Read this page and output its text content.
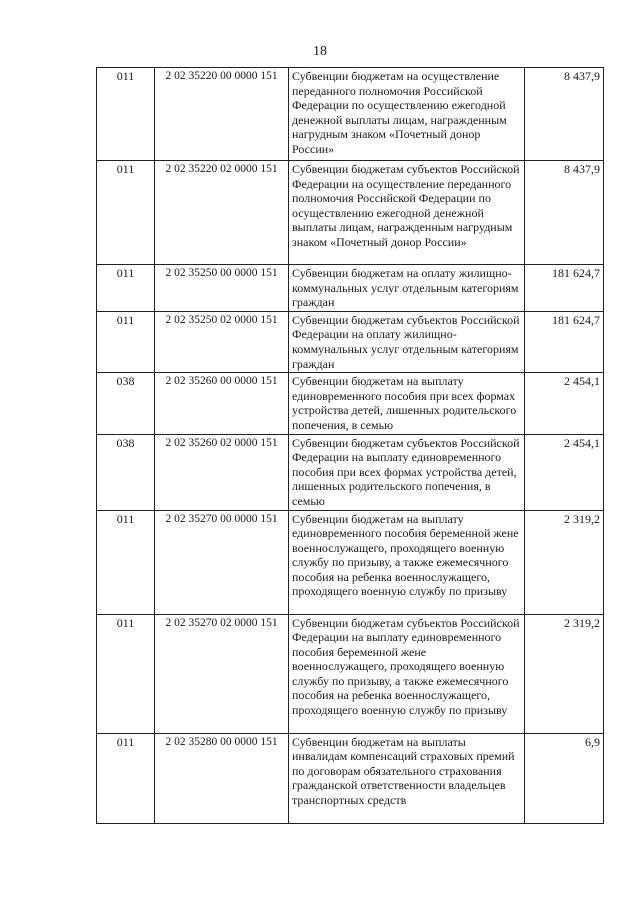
18
011	2 02 35220 00 0000 151	Субвенции бюджетам на осуществление переданного полномочия Российской Федерации по осуществлению ежегодной денежной выплаты лицам, награжденным нагрудным знаком «Почетный донор России»	8 437,9
011	2 02 35220 02 0000 151	Субвенции бюджетам субъектов Российской Федерации на осуществление переданного полномочия Российской Федерации по осуществлению ежегодной денежной выплаты лицам, награжденным нагрудным знаком «Почетный донор России»	8 437,9
011	2 02 35250 00 0000 151	Субвенции бюджетам на оплату жилищно-коммунальных услуг отдельным категориям граждан	181 624,7
011	2 02 35250 02 0000 151	Субвенции бюджетам субъектов Российской Федерации на оплату жилищно-коммунальных услуг отдельным категориям граждан	181 624,7
038	2 02 35260 00 0000 151	Субвенции бюджетам на выплату единовременного пособия при всех формах устройства детей, лишенных родительского попечения, в семью	2 454,1
038	2 02 35260 02 0000 151	Субвенции бюджетам субъектов Российской Федерации на выплату единовременного пособия при всех формах устройства детей, лишенных родительского попечения, в семью	2 454,1
011	2 02 35270 00 0000 151	Субвенции бюджетам на выплату единовременного пособия беременной жене военнослужащего, проходящего военную службу по призыву, а также ежемесячного пособия на ребенка военнослужащего, проходящего военную службу по призыву	2 319,2
011	2 02 35270 02 0000 151	Субвенции бюджетам субъектов Российской Федерации на выплату единовременного пособия беременной жене военнослужащего, проходящего военную службу по призыву, а также ежемесячного пособия на ребенка военнослужащего, проходящего военную службу по призыву	2 319,2
011	2 02 35280 00 0000 151	Субвенции бюджетам на выплаты инвалидам компенсаций страховых премий по договорам обязательного страхования гражданской ответственности владельцев транспортных средств	6,9
